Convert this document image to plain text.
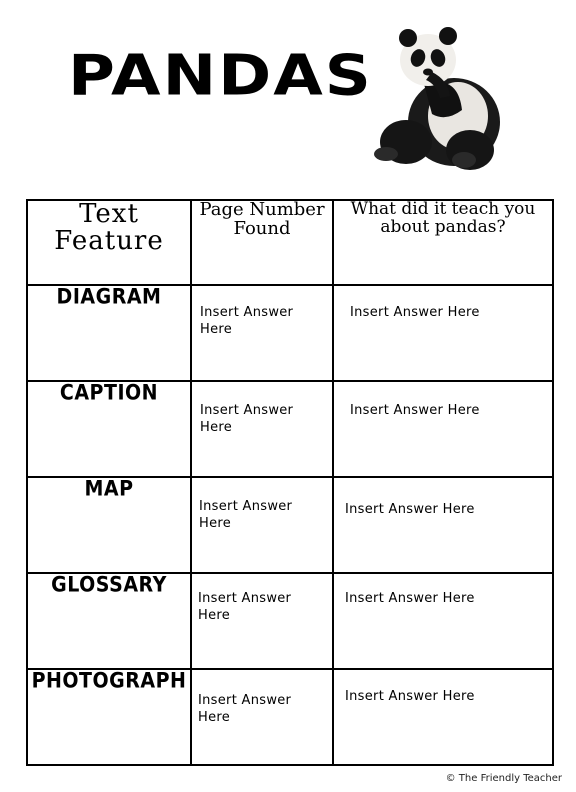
PANDAS
Text Feature	Page Number Found	What did it teach you about pandas?
DIAGRAM	Insert Answer Here	Insert Answer Here
CAPTION	Insert Answer Here	Insert Answer Here
MAP	Insert Answer Here	Insert Answer Here
GLOSSARY	Insert Answer Here	Insert Answer Here
PHOTOGRAPH	Insert Answer Here	Insert Answer Here
© The Friendly Teacher
